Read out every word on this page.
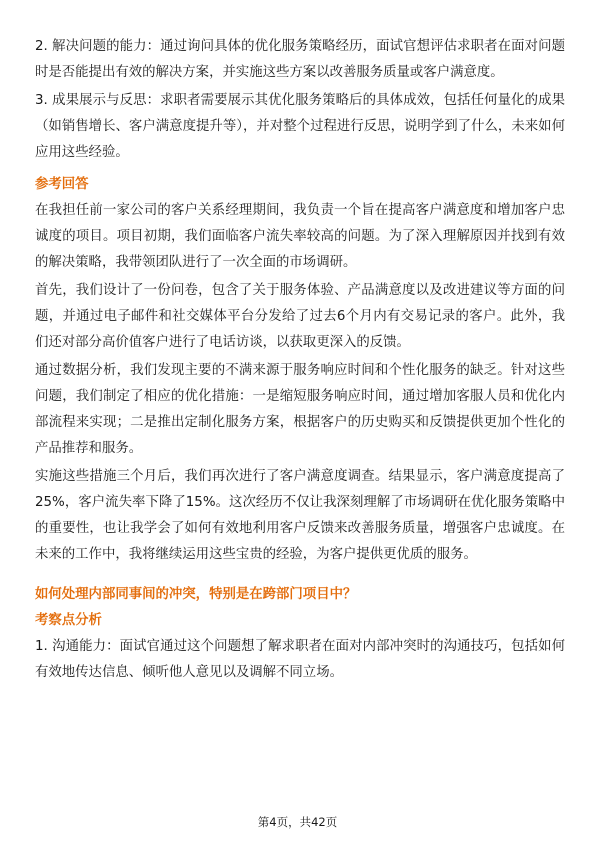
2. 解决问题的能力：通过询问具体的优化服务策略经历，面试官想评估求职者在面对问题时是否能提出有效的解决方案，并实施这些方案以改善服务质量或客户满意度。

3. 成果展示与反思：求职者需要展示其优化服务策略后的具体成效，包括任何量化的成果（如销售增长、客户满意度提升等），并对整个过程进行反思，说明学到了什么，未来如何应用这些经验。

参考回答

在我担任前一家公司的客户关系经理期间，我负责一个旨在提高客户满意度和增加客户忠诚度的项目。项目初期，我们面临客户流失率较高的问题。为了深入理解原因并找到有效的解决策略，我带领团队进行了一次全面的市场调研。

首先，我们设计了一份问卷，包含了关于服务体验、产品满意度以及改进建议等方面的问题，并通过电子邮件和社交媒体平台分发给了过去6个月内有交易记录的客户。此外，我们还对部分高价值客户进行了电话访谈，以获取更深入的反馈。

通过数据分析，我们发现主要的不满来源于服务响应时间和个性化服务的缺乏。针对这些问题，我们制定了相应的优化措施：一是缩短服务响应时间，通过增加客服人员和优化内部流程来实现；二是推出定制化服务方案，根据客户的历史购买和反馈提供更加个性化的产品推荐和服务。

实施这些措施三个月后，我们再次进行了客户满意度调查。结果显示，客户满意度提高了25%，客户流失率下降了15%。这次经历不仅让我深刻理解了市场调研在优化服务策略中的重要性，也让我学会了如何有效地利用客户反馈来改善服务质量，增强客户忠诚度。在未来的工作中，我将继续运用这些宝贵的经验，为客户提供更优质的服务。

如何处理内部同事间的冲突，特别是在跨部门项目中？
考察点分析

1. 沟通能力：面试官通过这个问题想了解求职者在面对内部冲突时的沟通技巧，包括如何有效地传达信息、倾听他人意见以及调解不同立场。

第4页，共42页
